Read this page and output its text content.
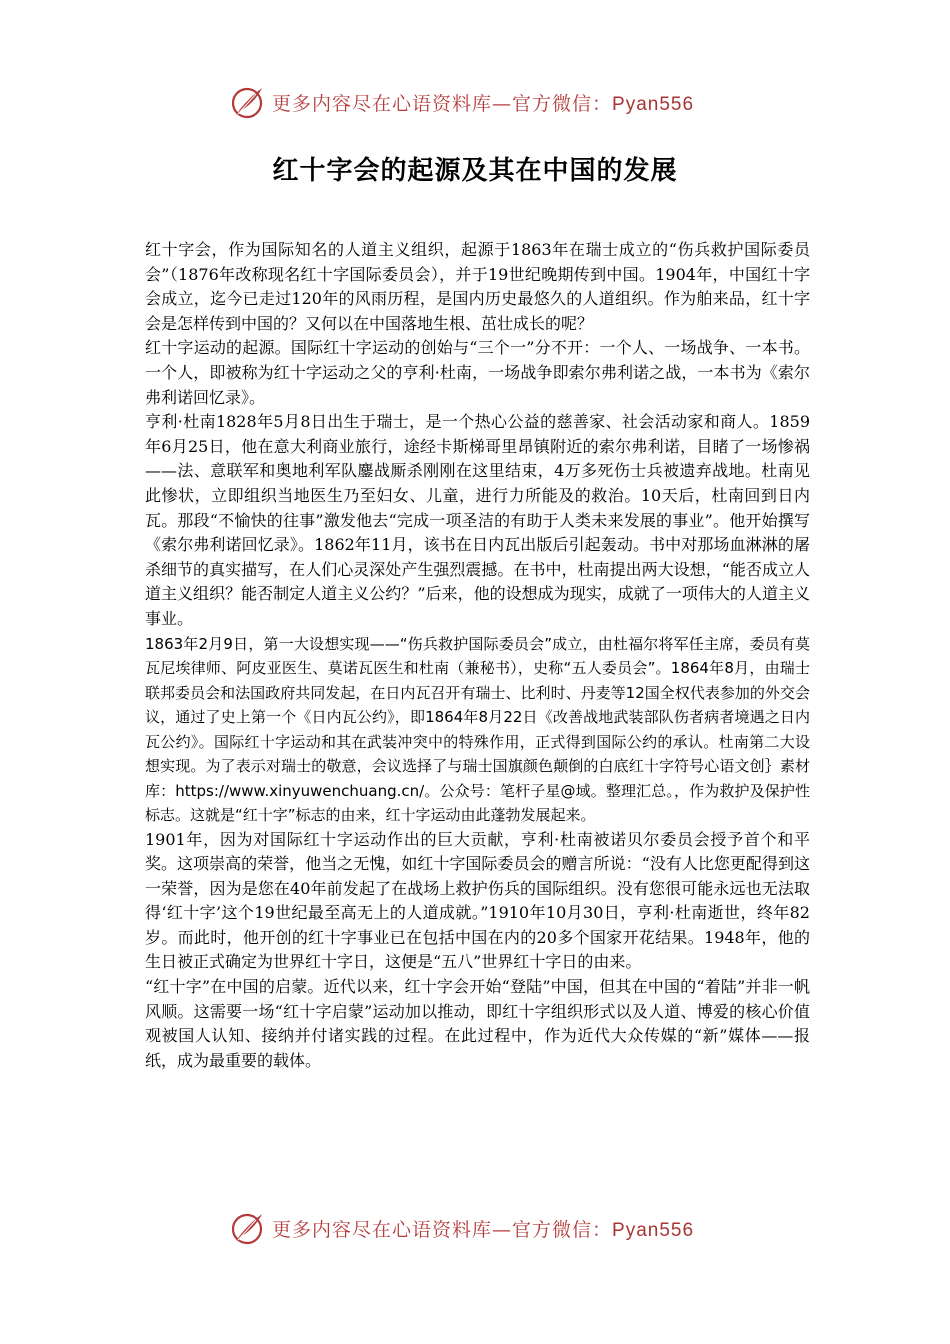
更多内容尽在心语资料库—官方微信：Pyan556
红十字会的起源及其在中国的发展

红十字会，作为国际知名的人道主义组织，起源于1863年在瑞士成立的“伤兵救护国际委员会”（1876年改称现名红十字国际委员会），并于19世纪晚期传到中国。1904年，中国红十字会成立，迄今已走过120年的风雨历程，是国内历史最悠久的人道组织。作为舶来品，红十字会是怎样传到中国的？又何以在中国落地生根、茁壮成长的呢？

红十字运动的起源。国际红十字运动的创始与“三个一”分不开：一个人、一场战争、一本书。一个人，即被称为红十字运动之父的亨利·杜南，一场战争即索尔弗利诺之战，一本书为《索尔弗利诺回忆录》。

亨利·杜南1828年5月8日出生于瑞士，是一个热心公益的慈善家、社会活动家和商人。1859年6月25日，他在意大利商业旅行，途经卡斯梯哥里昂镇附近的索尔弗利诺，目睹了一场惨祸——法、意联军和奥地利军队鏖战厮杀刚刚在这里结束，4万多死伤士兵被遗弃战地。杜南见此惨状，立即组织当地医生乃至妇女、儿童，进行力所能及的救治。10天后，杜南回到日内瓦。那段“不愉快的往事”激发他去“完成一项圣洁的有助于人类未来发展的事业”。他开始撰写《索尔弗利诺回忆录》。1862年11月，该书在日内瓦出版后引起轰动。书中对那场血淋淋的屠杀细节的真实描写，在人们心灵深处产生强烈震撼。在书中，杜南提出两大设想，“能否成立人道主义组织？能否制定人道主义公约？”后来，他的设想成为现实，成就了一项伟大的人道主义事业。

1863年2月9日，第一大设想实现——“伤兵救护国际委员会”成立，由杜福尔将军任主席，委员有莫瓦尼埃律师、阿皮亚医生、莫诺瓦医生和杜南（兼秘书），史称“五人委员会”。1864年8月，由瑞士联邦委员会和法国政府共同发起，在日内瓦召开有瑞士、比利时、丹麦等12国全权代表参加的外交会议，通过了史上第一个《日内瓦公约》，即1864年8月22日《改善战地武装部队伤者病者境遇之日内瓦公约》。国际红十字运动和其在武装冲突中的特殊作用，正式得到国际公约的承认。杜南第二大设想实现。为了表示对瑞士的敬意，会议选择了与瑞士国旗颜色颠倒的白底红十字符号心语文创｝素材库：https://www.xinyuwenchuang.cn/。公众号：笔杆子星@域。整理汇总。，作为救护及保护性标志。这就是“红十字”标志的由来，红十字运动由此蓬勃发展起来。

1901年，因为对国际红十字运动作出的巨大贡献，亨利·杜南被诺贝尔委员会授予首个和平奖。这项崇高的荣誉，他当之无愧，如红十字国际委员会的赠言所说：“没有人比您更配得到这一荣誉，因为是您在40年前发起了在战场上救护伤兵的国际组织。没有您很可能永远也无法取得‘红十字’这个19世纪最至高无上的人道成就。”1910年10月30日，亨利·杜南逝世，终年82岁。而此时，他开创的红十字事业已在包括中国在内的20多个国家开花结果。1948年，他的生日被正式确定为世界红十字日，这便是“五八”世界红十字日的由来。

“红十字”在中国的启蒙。近代以来，红十字会开始“登陆”中国，但其在中国的“着陆”并非一帆风顺。这需要一场“红十字启蒙”运动加以推动，即红十字组织形式以及人道、博爱的核心价值观被国人认知、接纳并付诸实践的过程。在此过程中，作为近代大众传媒的“新”媒体——报纸，成为最重要的载体。

更多内容尽在心语资料库—官方微信：Pyan556
